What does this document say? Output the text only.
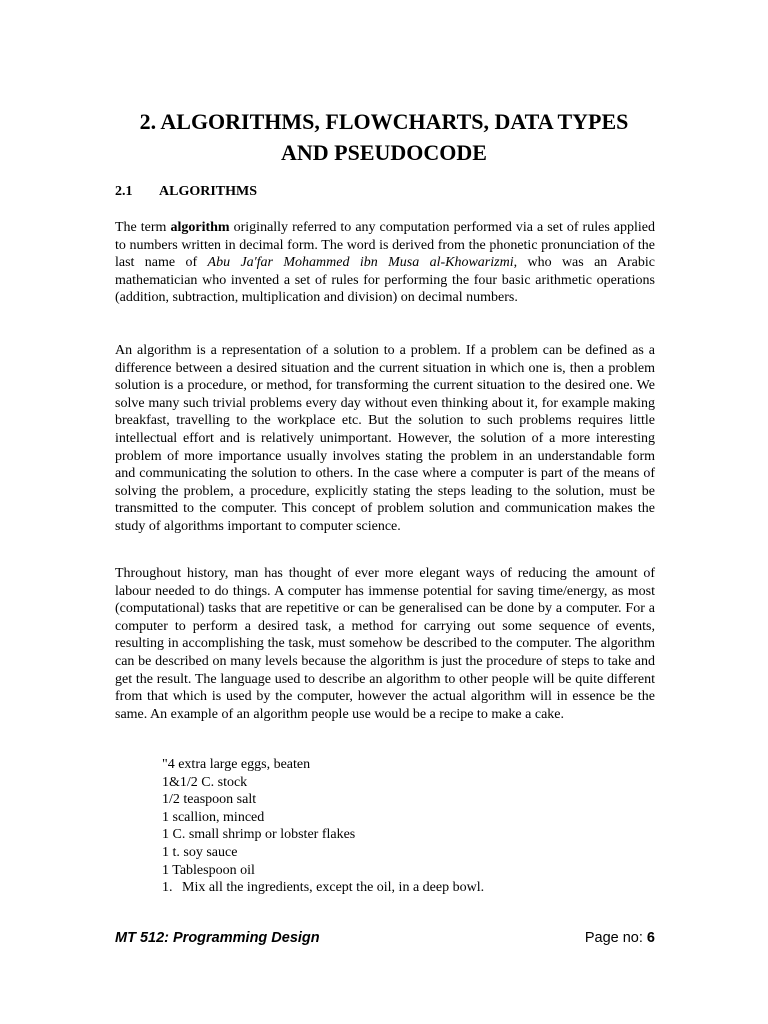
2. ALGORITHMS, FLOWCHARTS, DATA TYPES
AND PSEUDOCODE
2.1 ALGORITHMS

The term algorithm originally referred to any computation performed via a set of rules applied to numbers written in decimal form. The word is derived from the phonetic pronunciation of the last name of Abu Ja'far Mohammed ibn Musa al-Khowarizmi, who was an Arabic mathematician who invented a set of rules for performing the four basic arithmetic operations (addition, subtraction, multiplication and division) on decimal numbers.

An algorithm is a representation of a solution to a problem. If a problem can be defined as a difference between a desired situation and the current situation in which one is, then a problem solution is a procedure, or method, for transforming the current situation to the desired one. We solve many such trivial problems every day without even thinking about it, for example making breakfast, travelling to the workplace etc. But the solution to such problems requires little intellectual effort and is relatively unimportant. However, the solution of a more interesting problem of more importance usually involves stating the problem in an understandable form and communicating the solution to others. In the case where a computer is part of the means of solving the problem, a procedure, explicitly stating the steps leading to the solution, must be transmitted to the computer. This concept of problem solution and communication makes the study of algorithms important to computer science.

Throughout history, man has thought of ever more elegant ways of reducing the amount of labour needed to do things. A computer has immense potential for saving time/energy, as most (computational) tasks that are repetitive or can be generalised can be done by a computer. For a computer to perform a desired task, a method for carrying out some sequence of events, resulting in accomplishing the task, must somehow be described to the computer. The algorithm can be described on many levels because the algorithm is just the procedure of steps to take and get the result. The language used to describe an algorithm to other people will be quite different from that which is used by the computer, however the actual algorithm will in essence be the same. An example of an algorithm people use would be a recipe to make a cake.

"4 extra large eggs, beaten
1&1/2 C. stock
1/2 teaspoon salt
1 scallion, minced
1 C. small shrimp or lobster flakes
1 t. soy sauce
1 Tablespoon oil
1. Mix all the ingredients, except the oil, in a deep bowl.
MT 512: Programming Design	Page no: 6
